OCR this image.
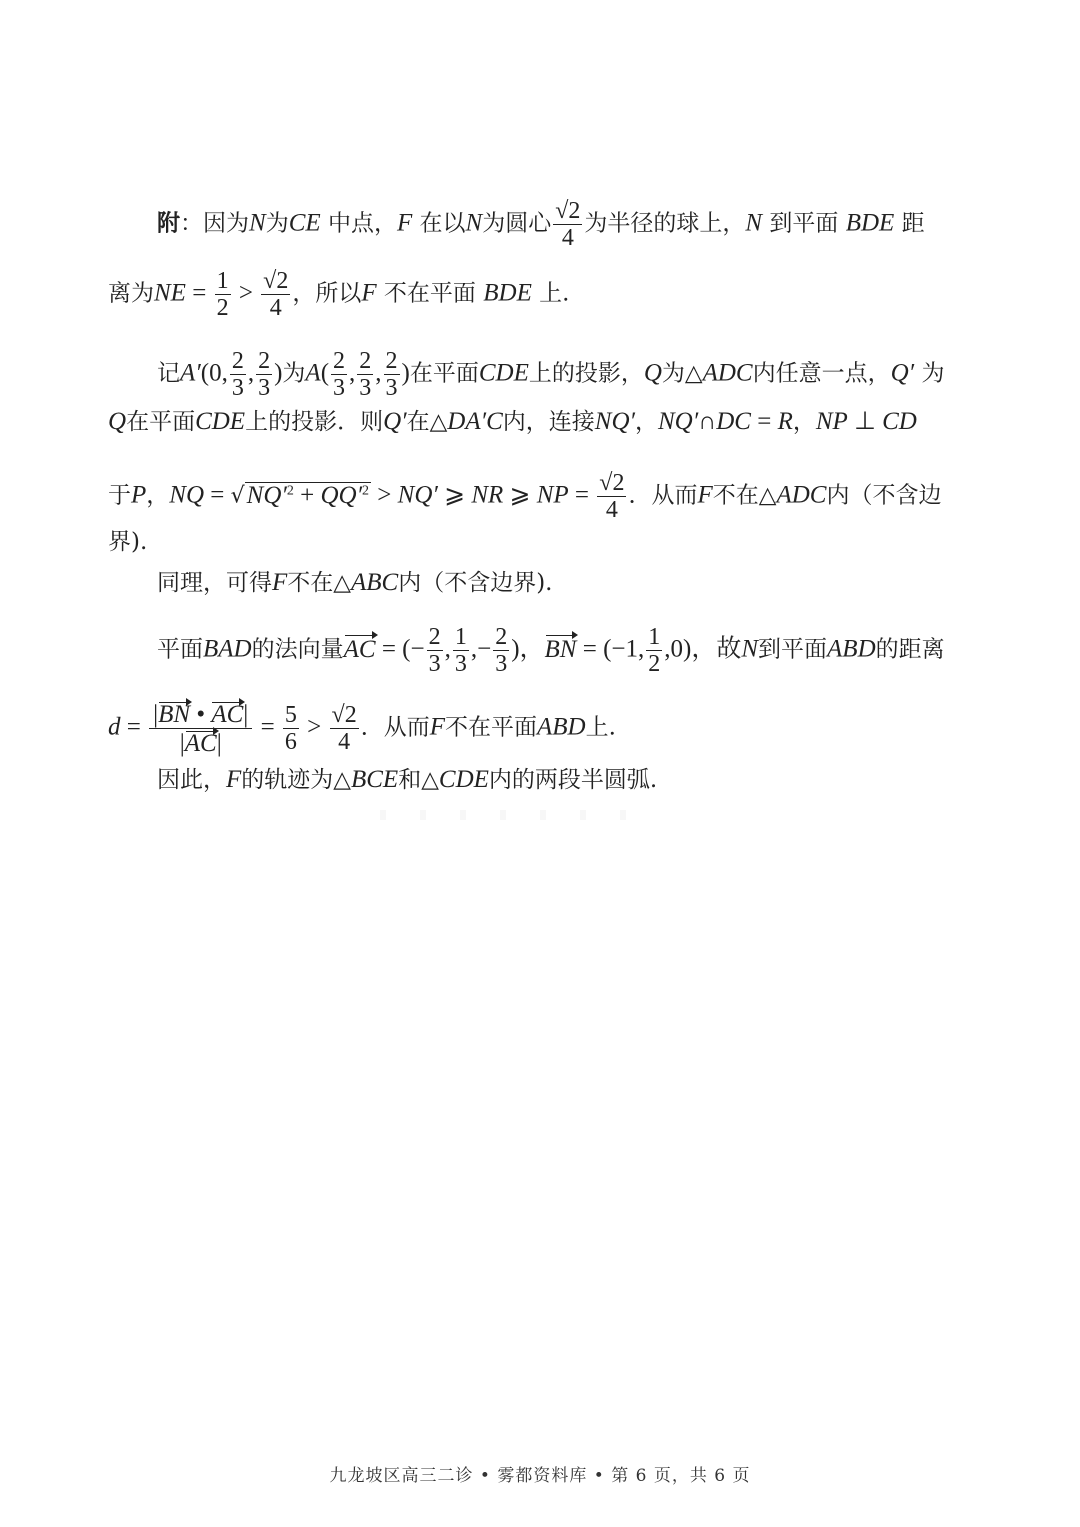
附：因为N为CE 中点，F 在以N为圆心 $\frac{√2}{4}$ 为半径的球上，N 到平面 BDE 距
离为NE = $\frac{1}{2} > \frac{√2}{4}$ ，所以F 不在平面 BDE 上.
记A′(0, $\frac{2}{3}$ , $\frac{2}{3}$ )为$A( \frac{2}{3}$ , $\frac{2}{3}$ , $\frac{2}{3}$ )在平面CDE上的投影，Q为△ADC内任意一点，Q′ 为
Q在平面CDE上的投影．则Q′在△DA′C内，连接NQ′，NQ′∩DC = R，NP ⊥ CD
于P，NQ = $√NQ'^2 + QQ'^2 > NQ'$ ⩾ NR ⩾ NP = $\frac{√2}{4}$ ．从而F不在△ADC内（不含边
界).
同理，可得F不在△ABC内（不含边界).
平面BAD的法向量AC = (− $\frac{2}{3}$ , $\frac{1}{3}$ ,− $\frac{2}{3}$ )，BN = (−1, $\frac{1}{2} ,0$)，故N到平面ABD的距离
$d = \frac{|BN • AC|}{|AC|} = \frac{5}{6} > \frac{√2}{4}$ ．从而F不在平面ABD上.
因此，F的轨迹为△BCE和△CDE内的两段半圆弧.
九龙坡区高三二诊 • 雾都资料库 • 第 6 页，共 6 页
